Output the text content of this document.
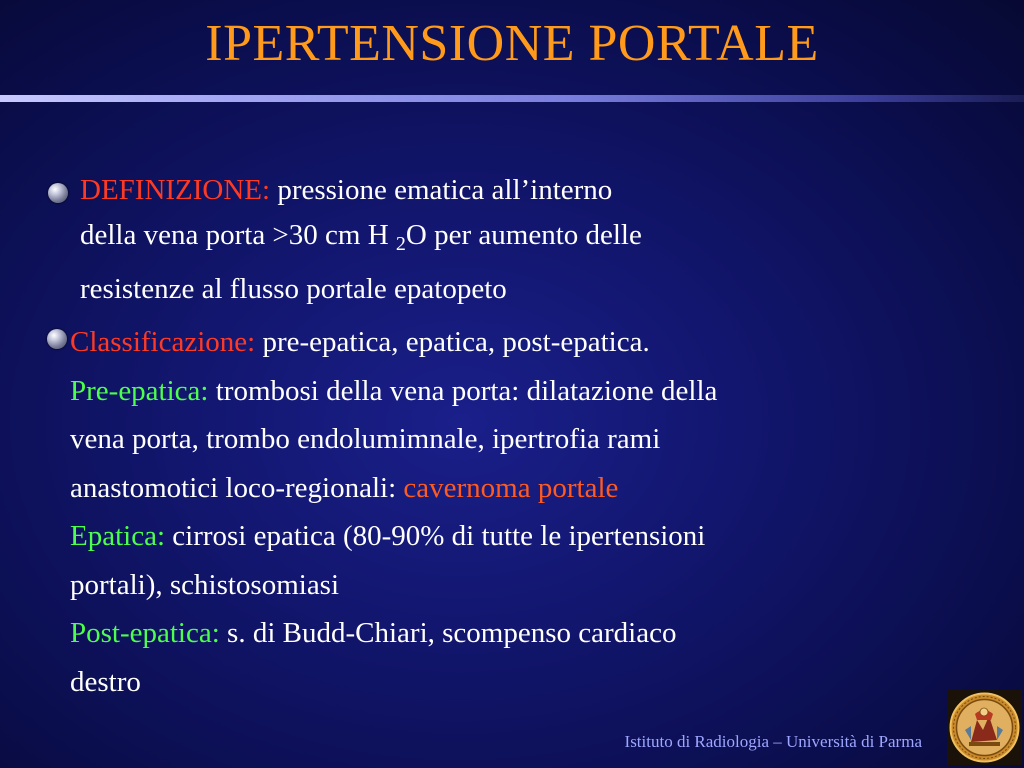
IPERTENSIONE PORTALE
DEFINIZIONE: pressione ematica all’interno
della vena porta >30 cm H $_2$O per aumento delle
resistenze al flusso portale epatopeto
Classificazione: pre-epatica, epatica, post-epatica.
Pre-epatica: trombosi della vena porta: dilatazione della
vena porta, trombo endolumimnale, ipertrofia rami
anastomotici loco-regionali: cavernoma portale
Epatica: cirrosi epatica (80-90% di tutte le ipertensioni
portali), schistosomiasi
Post-epatica: s. di Budd-Chiari, scompenso cardiaco
destro
Istituto di Radiologia – Università di Parma
